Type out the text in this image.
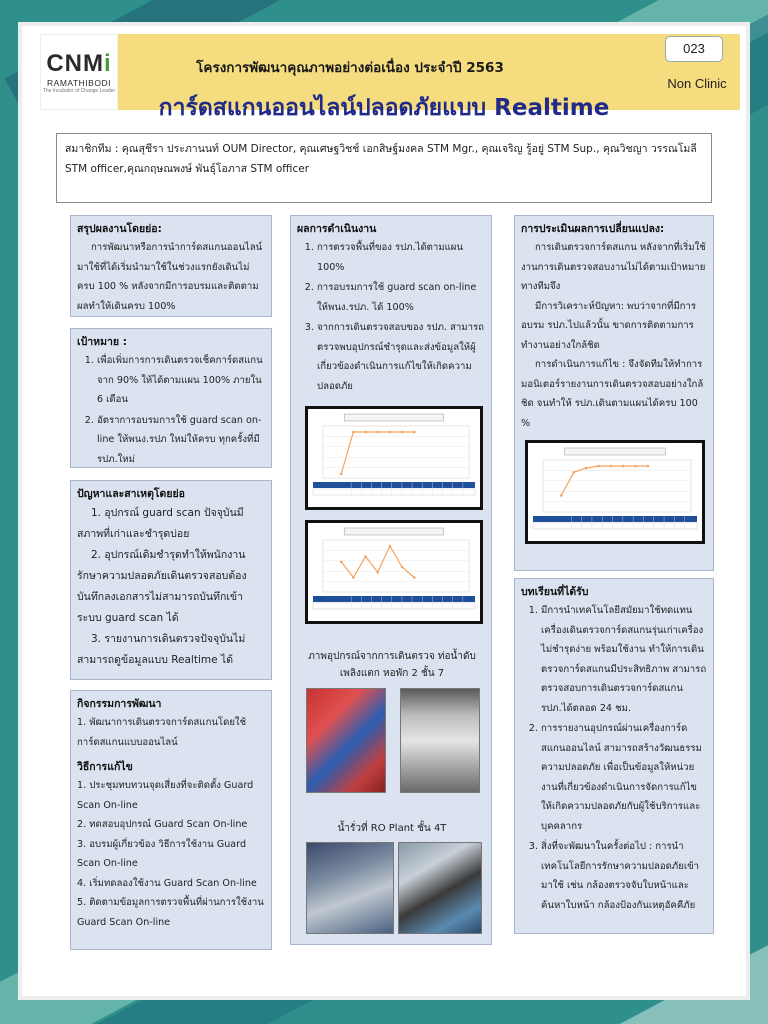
CNMi
RAMATHIBODI
The Incubator of Change Leader
โครงการพัฒนาคุณภาพอย่างต่อเนื่อง ประจำปี 2563
023
Non Clinic
การ์ดสแกนออนไลน์ปลอดภัยแบบ Realtime
สมาชิกทีม : คุณสุชีรา ประภานนท์ OUM Director, คุณเศษฐวิชช์ เอกสิษฐ์มงคล STM Mgr., คุณเจริญ รู้อยู่ STM Sup., คุณวิชญา วรรณโมลี STM officer,คุณกฤษณพงษ์ พันธุ์โอภาส STM officer
สรุปผลงานโดยย่อ:

การพัฒนาหรือการนำการ์ดสแกนออนไลน์มาใช้ที่ได้เริ่มนำมาใช้ในช่วงแรกยังเดินไม่ครบ 100 % หลังจากมีการอบรมและติดตามผลทำให้เดินครบ 100%

เป้าหมาย :
1. เพื่อเพิ่มการการเดินตรวจเช็คการ์ดสแกนจาก 90% ให้ได้ตามแผน 100% ภายใน 6 เดือน
2. อัตราการอบรมการใช้ guard scan on-line ให้พนง.รปภ ใหม่ให้ครบ ทุกครั้งที่มี รปภ.ใหม่
ปัญหาและสาเหตุโดยย่อ

1. อุปกรณ์ guard scan ปัจจุบันมีสภาพที่เก่าและชำรุดบ่อย

2. อุปกรณ์เดิมชำรุดทำให้พนักงานรักษาความปลอดภัยเดินตรวจสอบต้องบันทึกลงเอกสารไม่สามารถบันทึกเข้าระบบ guard scan ได้

3. รายงานการเดินตรวจปัจจุบันไม่สามารถดูข้อมูลแบบ Realtime ได้

กิจกรรมการพัฒนา
1. พัฒนาการเดินตรวจการ์ดสแกนโดยใช้การ์ดสแกนแบบออนไลน์
วิธีการแก้ไข
1. ประชุมทบทวนจุดเสี่ยงที่จะติดตั้ง Guard Scan On-line
2. ทดสอบอุปกรณ์ Guard Scan On-line
3. อบรมผู้เกี่ยวข้อง วิธีการใช้งาน Guard Scan On-line
4. เริ่มทดลองใช้งาน Guard Scan On-line
5. ติดตามข้อมูลการตรวจพื้นที่ผ่านการใช้งาน Guard Scan On-line
ผลการดำเนินงาน
1. การตรวจพื้นที่ของ รปภ.ได้ตามแผน 100%
2. การอบรมการใช้ guard scan on-line ให้พนง.รปภ. ได้ 100%
3. จากการเดินตรวจสอบของ รปภ. สามารถตรวจพบอุปกรณ์ชำรุดและส่งข้อมูลให้ผู้เกี่ยวข้องดำเนินการแก้ไขให้เกิดความปลอดภัย
ภาพอุปกรณ์จากการเดินตรวจ ท่อน้ำดับเพลิงแตก หอพัก 2 ชั้น 7
น้ำรั่วที่ RO Plant ชั้น 4T
การประเมินผลการเปลี่ยนแปลง:

การเดินตรวจการ์ดสแกน หลังจากที่เริ่มใช้งานการเดินตรวจสอบงานไม่ได้ตามเป้าหมาย ทางทีมจึง

มีการวิเคราะห์ปัญหา: พบว่าจากที่มีการอบรม รปภ.ไปแล้วนั้น ขาดการติดตามการทำงานอย่างใกล้ชิด

การดำเนินการแก้ไข : จึงจัดทีมให้ทำการมอนิเตอร์รายงานการเดินตรวจสอบอย่างใกล้ชิด จนทำให้ รปภ.เดินตามแผนได้ครบ 100 %

บทเรียนที่ได้รับ
1. มีการนำเทคโนโลยีสมัยมาใช้ทดแทนเครื่องเดินตรวจการ์ดสแกนรุ่นเก่าเครื่องไม่ชำรุดง่าย พร้อมใช้งาน ทำให้การเดินตรวจการ์ดสแกนมีประสิทธิภาพ สามารถตรวจสอบการเดินตรวจการ์ดสแกน รปภ.ได้ตลอด 24 ชม.
2. การรายงานอุปกรณ์ผ่านเครื่องการ์ดสแกนออนไลน์ สามารถสร้างวัฒนธรรมความปลอดภัย เพื่อเป็นข้อมูลให้หน่วยงานที่เกี่ยวข้องดำเนินการจัดการแก้ไขให้เกิดความปลอดภัยกับผู้ใช้บริการและบุคคลากร
3. สิ่งที่จะพัฒนาในครั้งต่อไป : การนำเทคโนโลยีการรักษาความปลอดภัยเข้ามาใช้ เช่น กล้องตรวจจับใบหน้าและค้นหาใบหน้า กล้องป้องกันเหตุอัคคีภัย
